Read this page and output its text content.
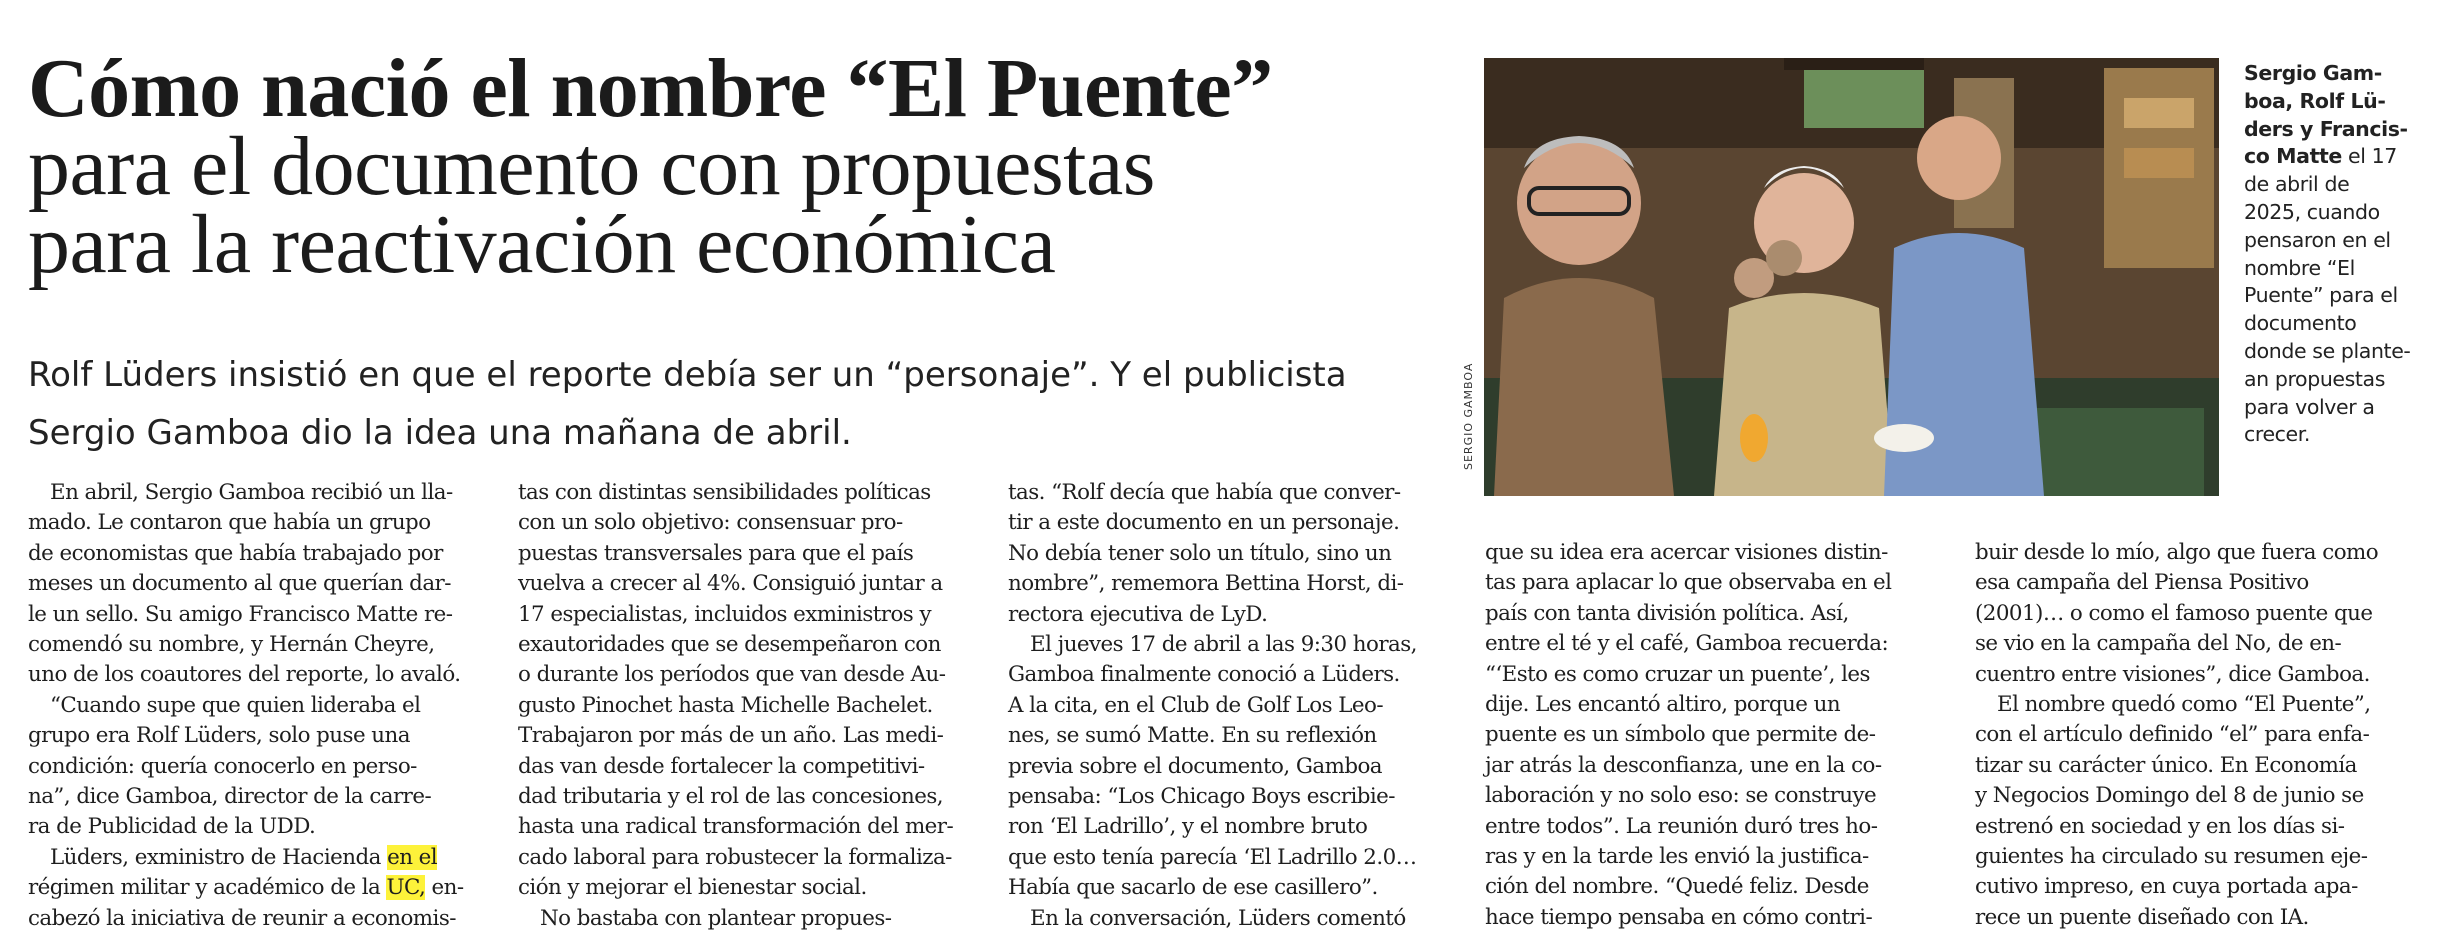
Cómo nació el nombre “El Puente”
para el documento con propuestas
para la reactivación económica
Rolf Lüders insistió en que el reporte debía ser un “personaje”. Y el publicista
Sergio Gamboa dio la idea una mañana de abril.	SERGIO GAMBOA
Sergio Gam-
boa, Rolf Lü-
ders y Francis-
co Matte el 17
de abril de
2025, cuando
pensaron en el
nombre “El
Puente” para el
documento
donde se plante-
an propuestas
para volver a
crecer.

En abril, Sergio Gamboa recibió un lla-
mado. Le contaron que había un grupo
de economistas que había trabajado por
meses un documento al que querían dar-
le un sello. Su amigo Francisco Matte re-
comendó su nombre, y Hernán Cheyre,
uno de los coautores del reporte, lo avaló.

“Cuando supe que quien lideraba el
grupo era Rolf Lüders, solo puse una
condición: quería conocerlo en perso-
na”, dice Gamboa, director de la carre-
ra de Publicidad de la UDD.

Lüders, exministro de Hacienda en el
régimen militar y académico de la UC, en-
cabezó la iniciativa de reunir a economis-

tas con distintas sensibilidades políticas
con un solo objetivo: consensuar pro-
puestas transversales para que el país
vuelva a crecer al 4%. Consiguió juntar a
17 especialistas, incluidos exministros y
exautoridades que se desempeñaron con
o durante los períodos que van desde Au-
gusto Pinochet hasta Michelle Bachelet.
Trabajaron por más de un año. Las medi-
das van desde fortalecer la competitivi-
dad tributaria y el rol de las concesiones,
hasta una radical transformación del mer-
cado laboral para robustecer la formaliza-
ción y mejorar el bienestar social.

No bastaba con plantear propues-

tas. “Rolf decía que había que conver-
tir a este documento en un personaje.
No debía tener solo un título, sino un
nombre”, rememora Bettina Horst, di-
rectora ejecutiva de LyD.

El jueves 17 de abril a las 9:30 horas,
Gamboa finalmente conoció a Lüders.
A la cita, en el Club de Golf Los Leo-
nes, se sumó Matte. En su reflexión
previa sobre el documento, Gamboa
pensaba: “Los Chicago Boys escribie-
ron ‘El Ladrillo’, y el nombre bruto
que esto tenía parecía ‘El Ladrillo 2.0…
Había que sacarlo de ese casillero”.

En la conversación, Lüders comentó

que su idea era acercar visiones distin-
tas para aplacar lo que observaba en el
país con tanta división política. Así,
entre el té y el café, Gamboa recuerda:
“‘Esto es como cruzar un puente’, les
dije. Les encantó altiro, porque un
puente es un símbolo que permite de-
jar atrás la desconfianza, une en la co-
laboración y no solo eso: se construye
entre todos”. La reunión duró tres ho-
ras y en la tarde les envió la justifica-
ción del nombre. “Quedé feliz. Desde
hace tiempo pensaba en cómo contri-

buir desde lo mío, algo que fuera como
esa campaña del Piensa Positivo
(2001)… o como el famoso puente que
se vio en la campaña del No, de en-
cuentro entre visiones”, dice Gamboa.

El nombre quedó como “El Puente”,
con el artículo definido “el” para enfa-
tizar su carácter único. En Economía
y Negocios Domingo del 8 de junio se
estrenó en sociedad y en los días si-
guientes ha circulado su resumen eje-
cutivo impreso, en cuya portada apa-
rece un puente diseñado con IA.
